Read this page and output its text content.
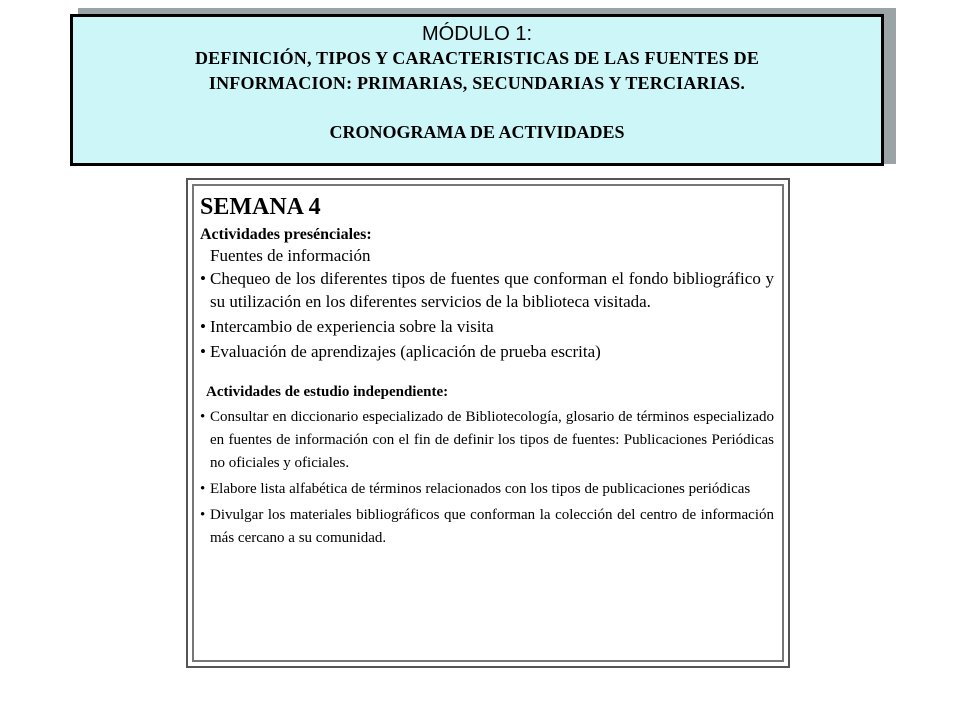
MÓDULO 1:
DEFINICIÓN, TIPOS Y CARACTERISTICAS DE LAS FUENTES DE
INFORMACION: PRIMARIAS, SECUNDARIAS Y TERCIARIAS.
CRONOGRAMA DE ACTIVIDADES
SEMANA 4
Actividades presénciales:
Fuentes de información
• Chequeo de los diferentes tipos de fuentes que conforman el fondo bibliográfico y su utilización en los diferentes servicios de la biblioteca visitada.
• Intercambio de experiencia sobre la visita
• Evaluación de aprendizajes (aplicación de prueba escrita)
Actividades de estudio independiente:
• Consultar en diccionario especializado de Bibliotecología, glosario de términos especializado en fuentes de información con el fin de definir los tipos de fuentes: Publicaciones Periódicas no oficiales y oficiales.
• Elabore lista alfabética de términos relacionados con los tipos de publicaciones periódicas
• Divulgar los materiales bibliográficos que conforman la colección del centro de información más cercano a su comunidad.
